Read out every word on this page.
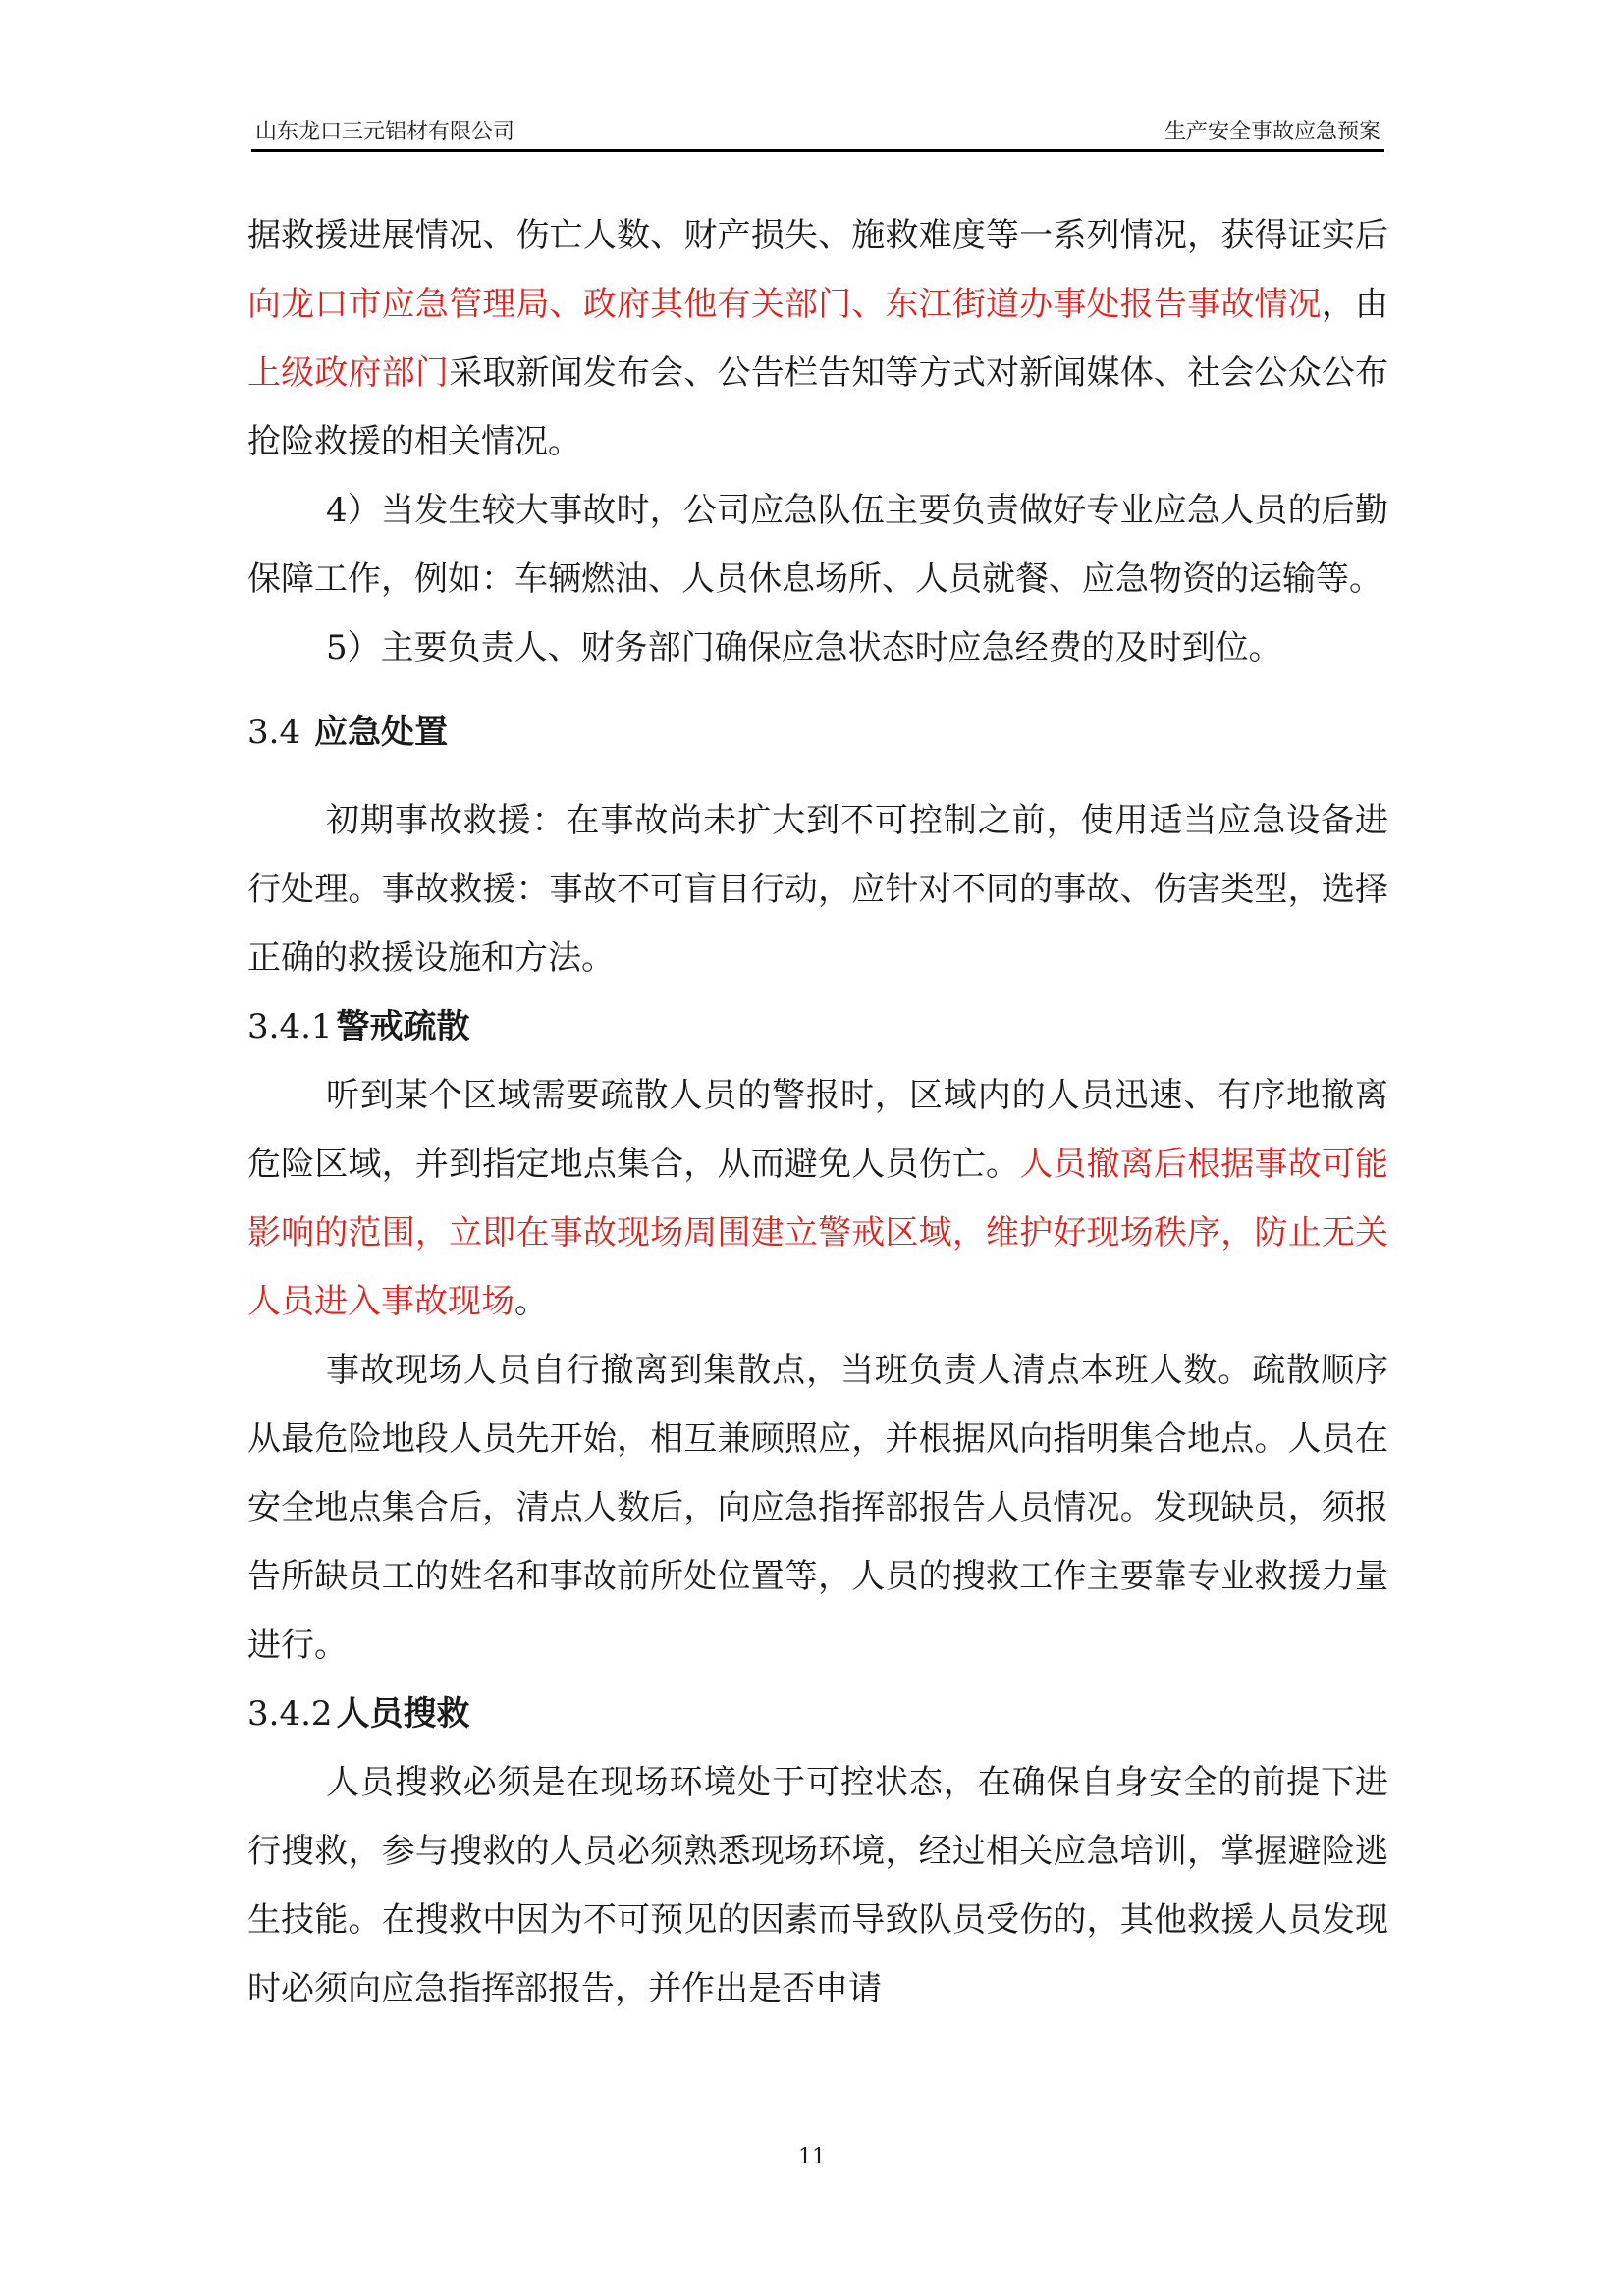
山东龙口三元铝材有限公司	生产安全事故应急预案

据救援进展情况、伤亡人数、财产损失、施救难度等一系列情况，获得证实后向龙口市应急管理局、政府其他有关部门、东江街道办事处报告事故情况，由上级政府部门采取新闻发布会、公告栏告知等方式对新闻媒体、社会公众公布抢险救援的相关情况。

4）当发生较大事故时，公司应急队伍主要负责做好专业应急人员的后勤保障工作，例如：车辆燃油、人员休息场所、人员就餐、应急物资的运输等。

5）主要负责人、财务部门确保应急状态时应急经费的及时到位。

3.4 应急处置

初期事故救援：在事故尚未扩大到不可控制之前，使用适当应急设备进行处理。事故救援：事故不可盲目行动，应针对不同的事故、伤害类型，选择正确的救援设施和方法。

3.4.1 警戒疏散

听到某个区域需要疏散人员的警报时，区域内的人员迅速、有序地撤离危险区域，并到指定地点集合，从而避免人员伤亡。人员撤离后根据事故可能影响的范围，立即在事故现场周围建立警戒区域，维护好现场秩序，防止无关人员进入事故现场。

事故现场人员自行撤离到集散点，当班负责人清点本班人数。疏散顺序从最危险地段人员先开始，相互兼顾照应，并根据风向指明集合地点。人员在安全地点集合后，清点人数后，向应急指挥部报告人员情况。发现缺员，须报告所缺员工的姓名和事故前所处位置等，人员的搜救工作主要靠专业救援力量进行。

3.4.2 人员搜救

人员搜救必须是在现场环境处于可控状态，在确保自身安全的前提下进行搜救，参与搜救的人员必须熟悉现场环境，经过相关应急培训，掌握避险逃生技能。在搜救中因为不可预见的因素而导致队员受伤的，其他救援人员发现时必须向应急指挥部报告，并作出是否申请

11
